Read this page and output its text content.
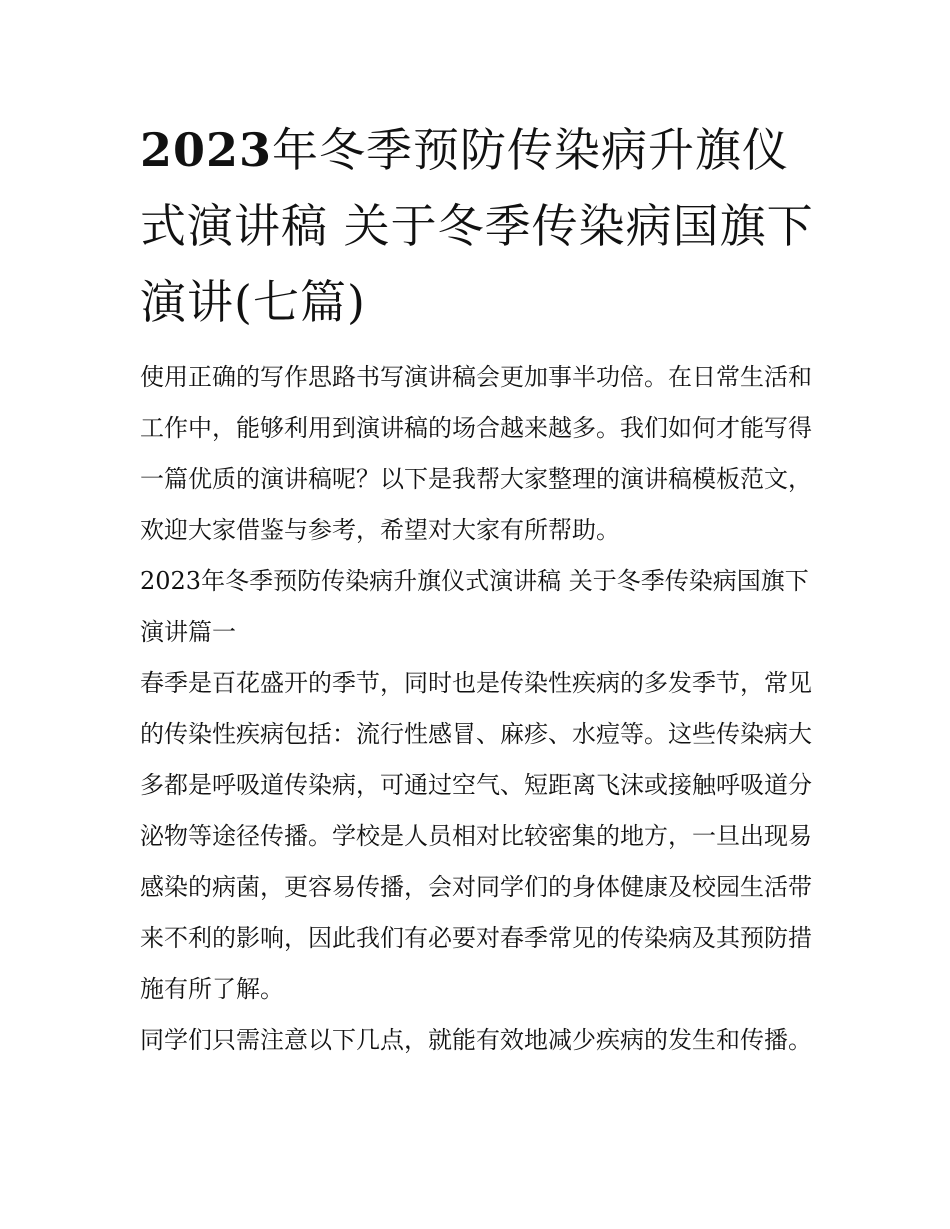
2023年冬季预防传染病升旗仪式演讲稿 关于冬季传染病国旗下演讲(七篇)

使用正确的写作思路书写演讲稿会更加事半功倍。在日常生活和工作中，能够利用到演讲稿的场合越来越多。我们如何才能写得一篇优质的演讲稿呢？以下是我帮大家整理的演讲稿模板范文，欢迎大家借鉴与参考，希望对大家有所帮助。

2023年冬季预防传染病升旗仪式演讲稿 关于冬季传染病国旗下演讲篇一

春季是百花盛开的季节，同时也是传染性疾病的多发季节，常见的传染性疾病包括：流行性感冒、麻疹、水痘等。这些传染病大多都是呼吸道传染病，可通过空气、短距离飞沫或接触呼吸道分泌物等途径传播。学校是人员相对比较密集的地方，一旦出现易感染的病菌，更容易传播，会对同学们的身体健康及校园生活带来不利的影响，因此我们有必要对春季常见的传染病及其预防措施有所了解。

同学们只需注意以下几点，就能有效地减少疾病的发生和传播。
